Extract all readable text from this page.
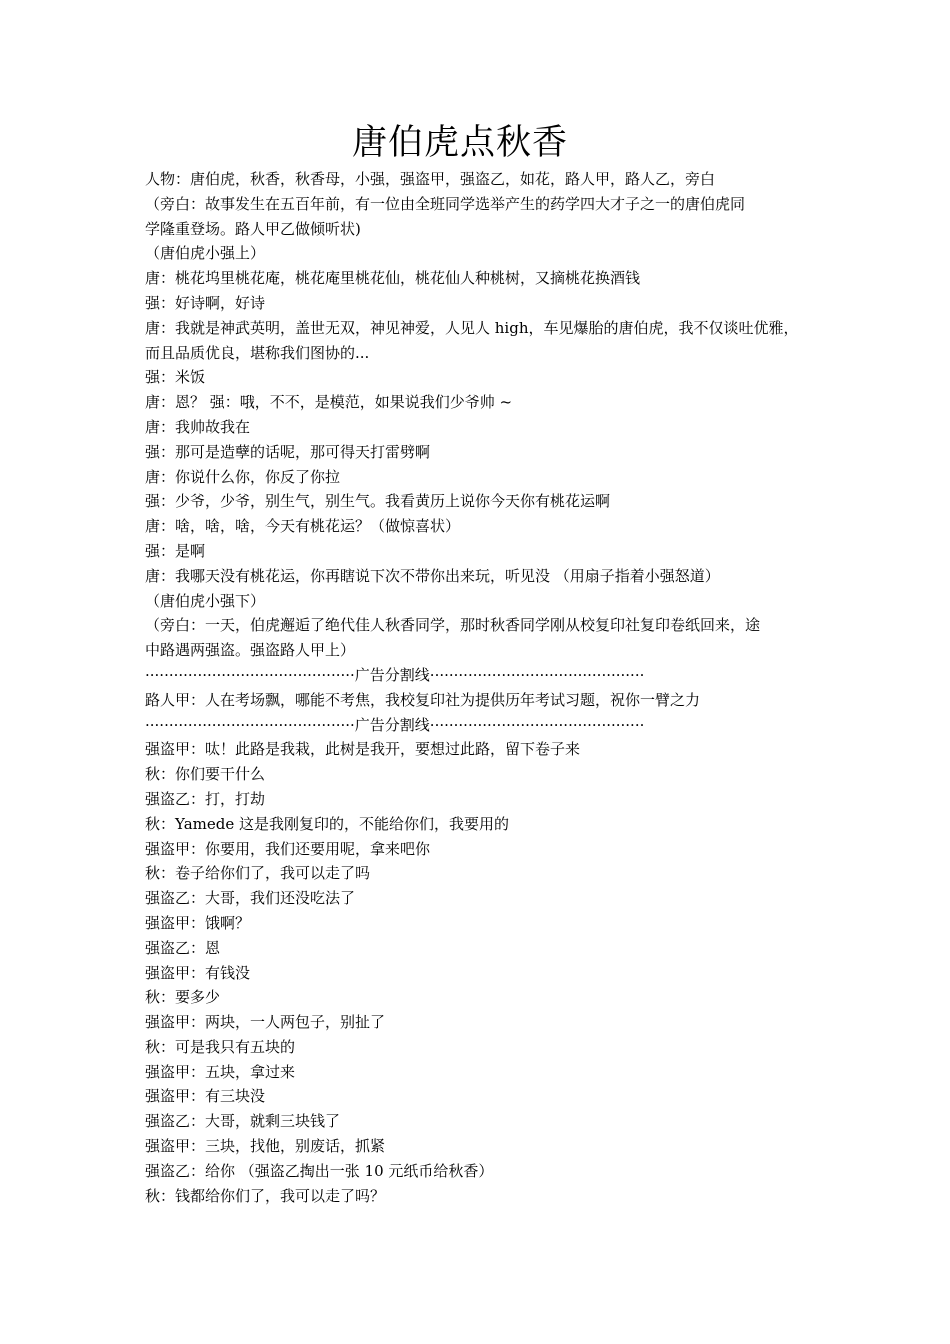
唐伯虎点秋香
人物：唐伯虎，秋香，秋香母，小强，强盗甲，强盗乙，如花，路人甲，路人乙，旁白
（旁白：故事发生在五百年前，有一位由全班同学选举产生的药学四大才子之一的唐伯虎同
学隆重登场。路人甲乙做倾听状)
（唐伯虎小强上）
唐：桃花坞里桃花庵，桃花庵里桃花仙，桃花仙人种桃树，又摘桃花换酒钱
强：好诗啊，好诗
唐：我就是神武英明，盖世无双，神见神爱，人见人 high，车见爆胎的唐伯虎，我不仅谈吐优雅，
而且品质优良，堪称我们图协的...
强：米饭
唐：恩？ 强：哦，不不，是模范，如果说我们少爷帅 ~
唐：我帅故我在
强：那可是造孽的话呢，那可得天打雷劈啊
唐：你说什么你，你反了你拉
强：少爷，少爷，别生气，别生气。我看黄历上说你今天你有桃花运啊
唐：啥，啥，啥，今天有桃花运？（做惊喜状）
强：是啊
唐：我哪天没有桃花运，你再瞎说下次不带你出来玩，听见没 （用扇子指着小强怒道）
（唐伯虎小强下）
（旁白：一天，伯虎邂逅了绝代佳人秋香同学，那时秋香同学刚从校复印社复印卷纸回来，途
中路遇两强盗。强盗路人甲上）
············································广告分割线·············································
路人甲：人在考场飘，哪能不考焦，我校复印社为提供历年考试习题，祝你一臂之力
············································广告分割线·············································
强盗甲：呔！此路是我栽，此树是我开，要想过此路，留下卷子来
秋：你们要干什么
强盗乙：打，打劫
秋：Yamede 这是我刚复印的，不能给你们，我要用的
强盗甲：你要用，我们还要用呢，拿来吧你
秋：卷子给你们了，我可以走了吗
强盗乙：大哥，我们还没吃法了
强盗甲：饿啊？
强盗乙：恩
强盗甲：有钱没
秋：要多少
强盗甲：两块，一人两包子，别扯了
秋：可是我只有五块的
强盗甲：五块，拿过来
强盗甲：有三块没
强盗乙：大哥，就剩三块钱了
强盗甲：三块，找他，别废话，抓紧
强盗乙：给你 （强盗乙掏出一张 10 元纸币给秋香）
秋：钱都给你们了，我可以走了吗？
